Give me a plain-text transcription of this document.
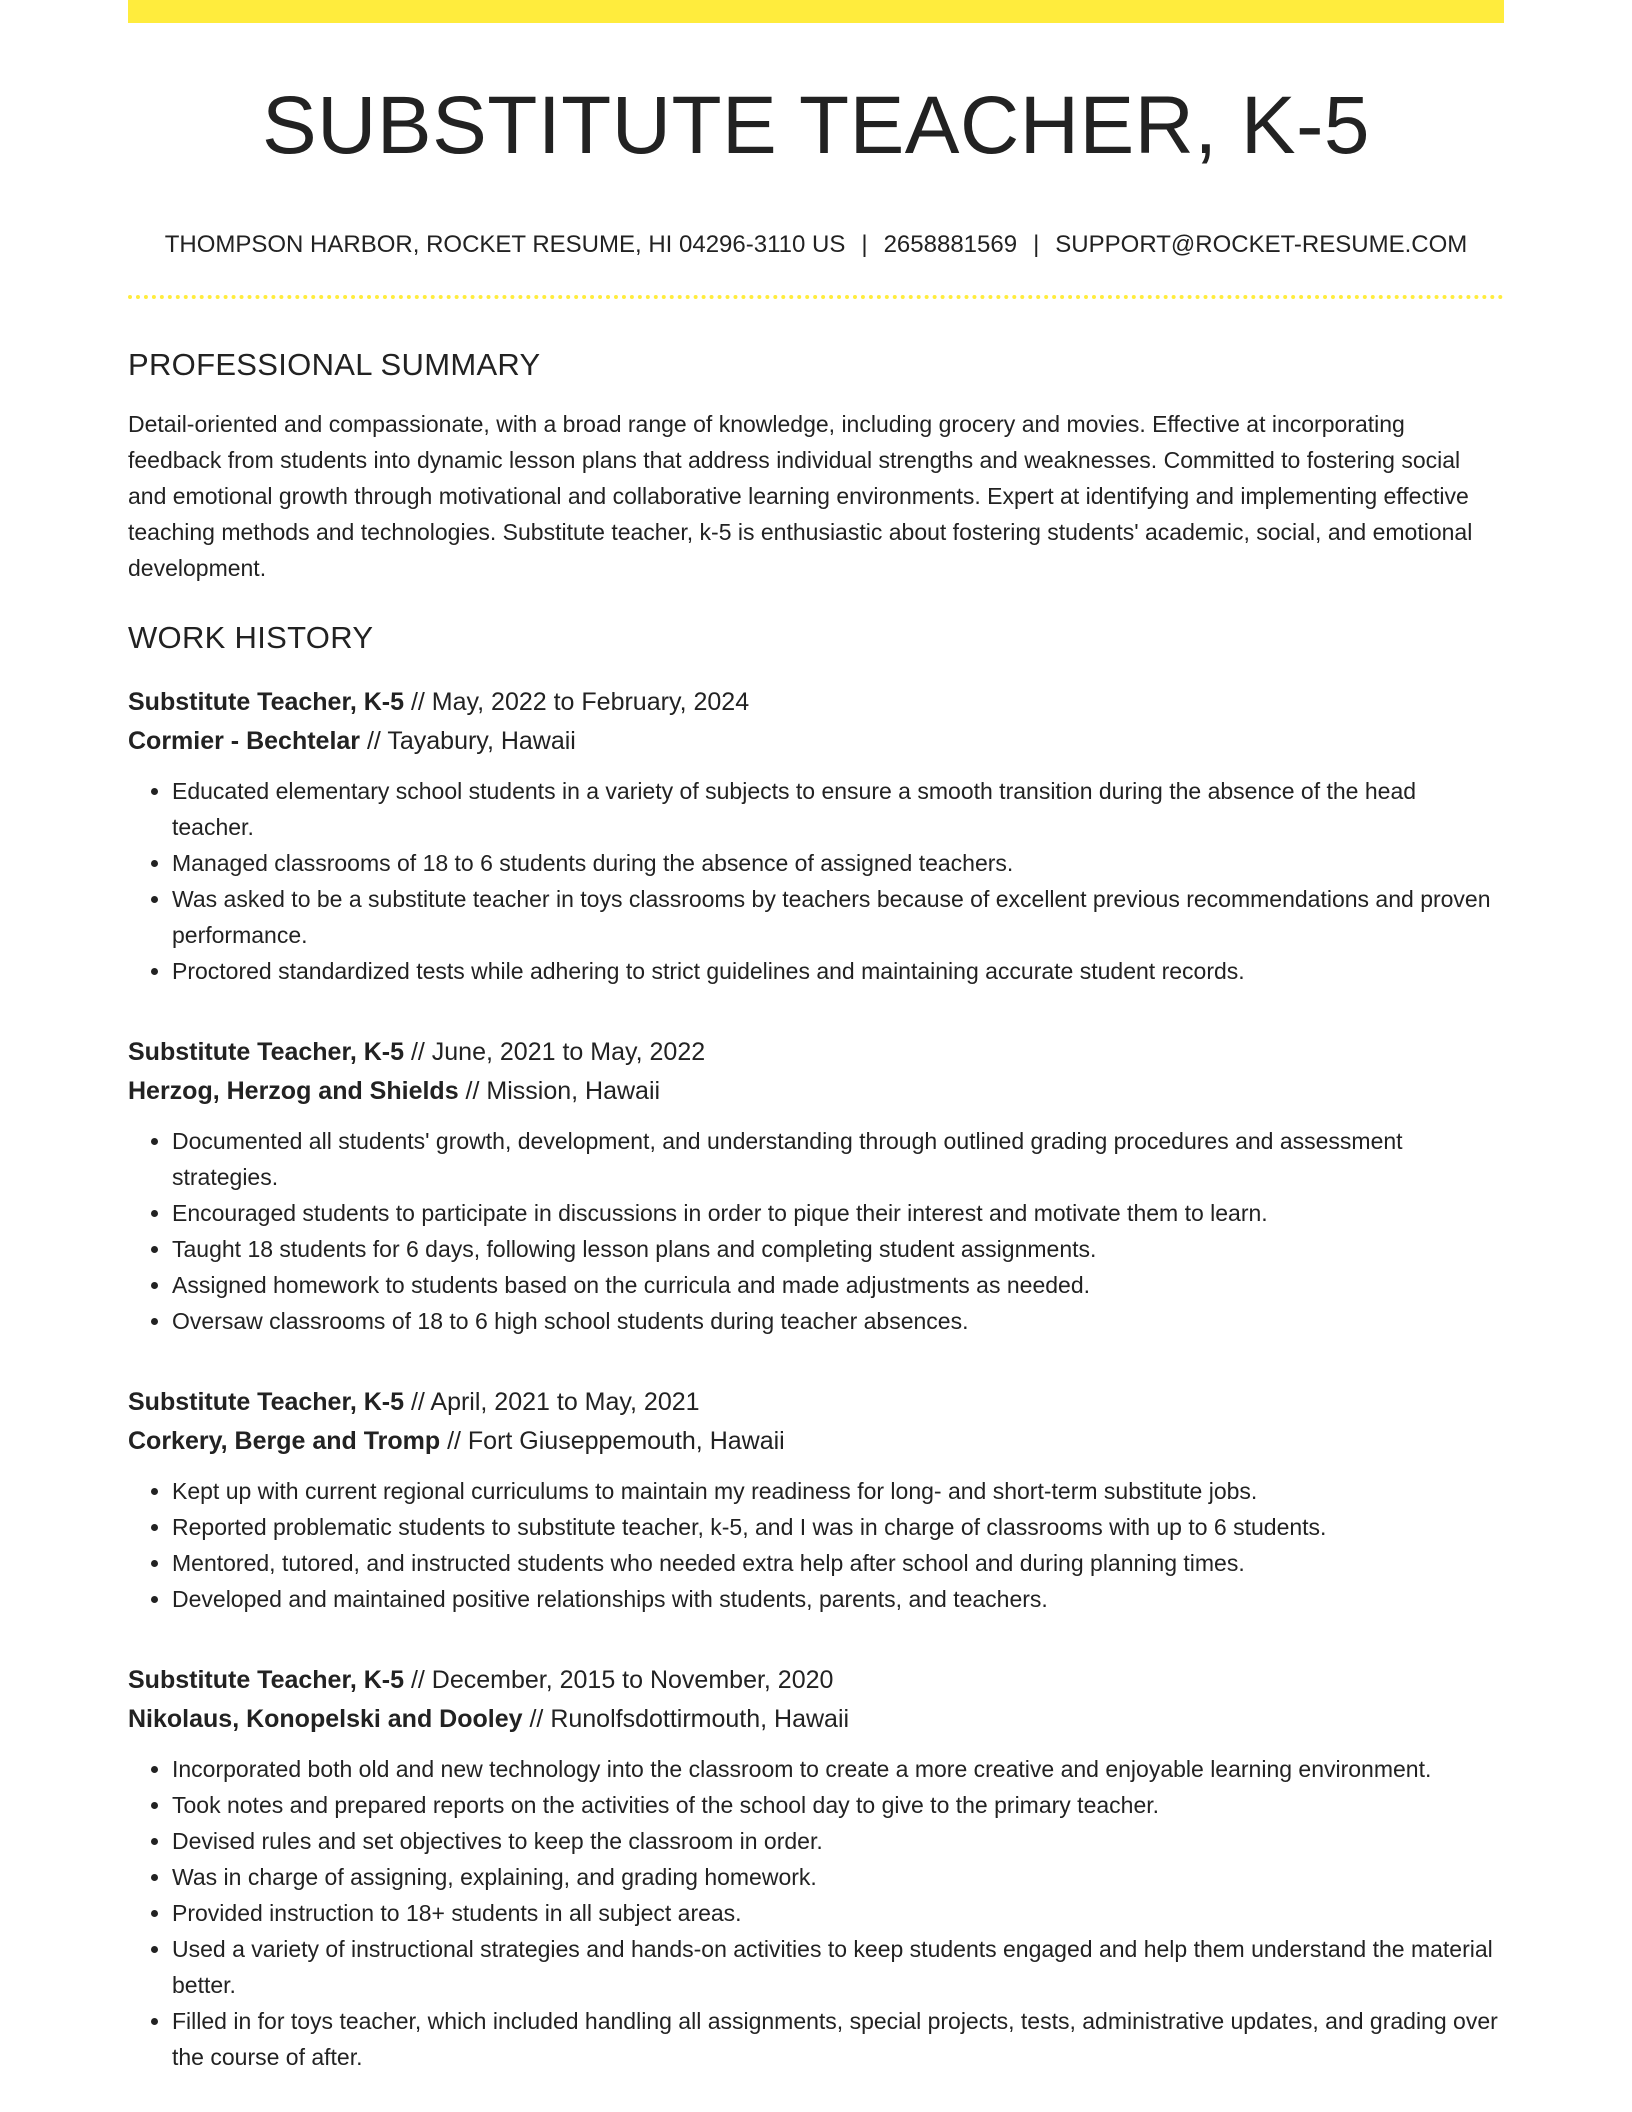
SUBSTITUTE TEACHER, K-5
THOMPSON HARBOR, ROCKET RESUME, HI 04296-3110 US | 2658881569 | SUPPORT@ROCKET-RESUME.COM
PROFESSIONAL SUMMARY
Detail-oriented and compassionate, with a broad range of knowledge, including grocery and movies. Effective at incorporating feedback from students into dynamic lesson plans that address individual strengths and weaknesses. Committed to fostering social and emotional growth through motivational and collaborative learning environments. Expert at identifying and implementing effective teaching methods and technologies. Substitute teacher, k-5 is enthusiastic about fostering students' academic, social, and emotional development.
WORK HISTORY
Substitute Teacher, K-5 // May, 2022 to February, 2024
Cormier - Bechtelar // Tayabury, Hawaii
• Educated elementary school students in a variety of subjects to ensure a smooth transition during the absence of the head teacher.
• Managed classrooms of 18 to 6 students during the absence of assigned teachers.
• Was asked to be a substitute teacher in toys classrooms by teachers because of excellent previous recommendations and proven performance.
• Proctored standardized tests while adhering to strict guidelines and maintaining accurate student records.
Substitute Teacher, K-5 // June, 2021 to May, 2022
Herzog, Herzog and Shields // Mission, Hawaii
• Documented all students' growth, development, and understanding through outlined grading procedures and assessment strategies.
• Encouraged students to participate in discussions in order to pique their interest and motivate them to learn.
• Taught 18 students for 6 days, following lesson plans and completing student assignments.
• Assigned homework to students based on the curricula and made adjustments as needed.
• Oversaw classrooms of 18 to 6 high school students during teacher absences.
Substitute Teacher, K-5 // April, 2021 to May, 2021
Corkery, Berge and Tromp // Fort Giuseppemouth, Hawaii
• Kept up with current regional curriculums to maintain my readiness for long- and short-term substitute jobs.
• Reported problematic students to substitute teacher, k-5, and I was in charge of classrooms with up to 6 students.
• Mentored, tutored, and instructed students who needed extra help after school and during planning times.
• Developed and maintained positive relationships with students, parents, and teachers.
Substitute Teacher, K-5 // December, 2015 to November, 2020
Nikolaus, Konopelski and Dooley // Runolfsdottirmouth, Hawaii
• Incorporated both old and new technology into the classroom to create a more creative and enjoyable learning environment.
• Took notes and prepared reports on the activities of the school day to give to the primary teacher.
• Devised rules and set objectives to keep the classroom in order.
• Was in charge of assigning, explaining, and grading homework.
• Provided instruction to 18+ students in all subject areas.
• Used a variety of instructional strategies and hands-on activities to keep students engaged and help them understand the material better.
• Filled in for toys teacher, which included handling all assignments, special projects, tests, administrative updates, and grading over the course of after.
